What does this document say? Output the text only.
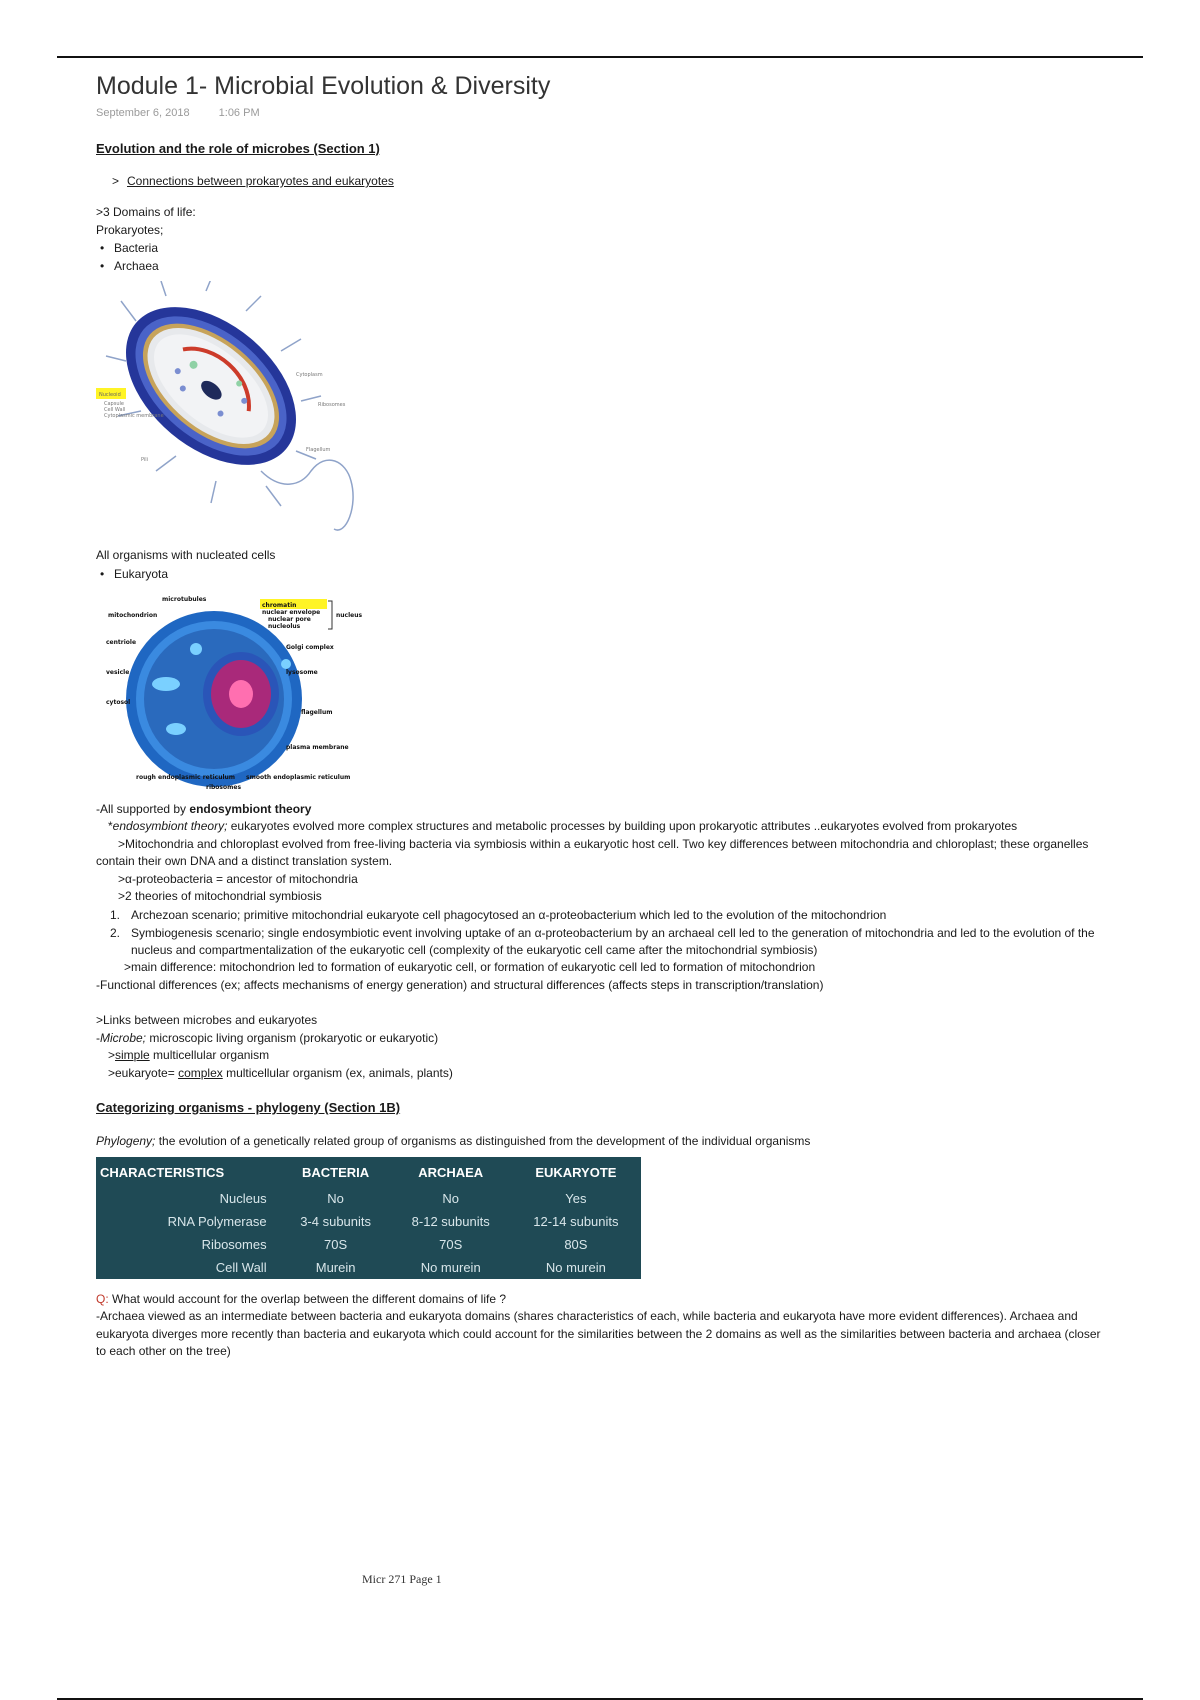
Module 1- Microbial Evolution & Diversity
September 6, 2018	1:06 PM
Evolution and the role of microbes (Section 1)
> Connections between prokaryotes and eukaryotes
>3 Domains of life:
Prokaryotes;
• Bacteria
• Archaea
Nucleoid
Capsule
Cell Wall
Cytoplasmic membrane
Cytoplasm
Ribosomes
Flagellum
Pili
All organisms with nucleated cells
• Eukaryota
microtubules
mitochondrion
centriole
vesicle
cytosol
chromatin
nuclear envelope
nuclear pore
nucleolus
nucleus
Golgi complex
lysosome
flagellum
plasma membrane
rough endoplasmic reticulum
ribosomes
smooth endoplasmic reticulum
-All supported by endosymbiont theory
*endosymbiont theory; eukaryotes evolved more complex structures and metabolic processes by building upon prokaryotic attributes ..eukaryotes evolved from prokaryotes
>Mitochondria and chloroplast evolved from free-living bacteria via symbiosis within a eukaryotic host cell. Two key differences between mitochondria and chloroplast; these organelles
contain their own DNA and a distinct translation system.
>α-proteobacteria = ancestor of mitochondria
>2 theories of mitochondrial symbiosis
1. Archezoan scenario; primitive mitochondrial eukaryote cell phagocytosed an α-proteobacterium which led to the evolution of the mitochondrion
2. Symbiogenesis scenario; single endosymbiotic event involving uptake of an α-proteobacterium by an archaeal cell led to the generation of mitochondria and led to the evolution of the
nucleus and compartmentalization of the eukaryotic cell (complexity of the eukaryotic cell came after the mitochondrial symbiosis)
>main difference: mitochondrion led to formation of eukaryotic cell, or formation of eukaryotic cell led to formation of mitochondrion
-Functional differences (ex; affects mechanisms of energy generation) and structural differences (affects steps in transcription/translation)
>Links between microbes and eukaryotes
-Microbe; microscopic living organism (prokaryotic or eukaryotic)
>simple multicellular organism
>eukaryote= complex multicellular organism (ex, animals, plants)
Categorizing organisms - phylogeny (Section 1B)
Phylogeny; the evolution of a genetically related group of organisms as distinguished from the development of the individual organisms
CHARACTERISTICS	BACTERIA	ARCHAEA	EUKARYOTE
Nucleus	No	No	Yes
RNA Polymerase	3-4 subunits	8-12 subunits	12-14 subunits
Ribosomes	70S	70S	80S
Cell Wall	Murein	No murein	No murein
Q: What would account for the overlap between the different domains of life ?
-Archaea viewed as an intermediate between bacteria and eukaryota domains (shares characteristics of each, while bacteria and eukaryota have more evident differences). Archaea and
eukaryota diverges more recently than bacteria and eukaryota which could account for the similarities between the 2 domains as well as the similarities between bacteria and archaea (closer
to each other on the tree)
Micr 271 Page 1
